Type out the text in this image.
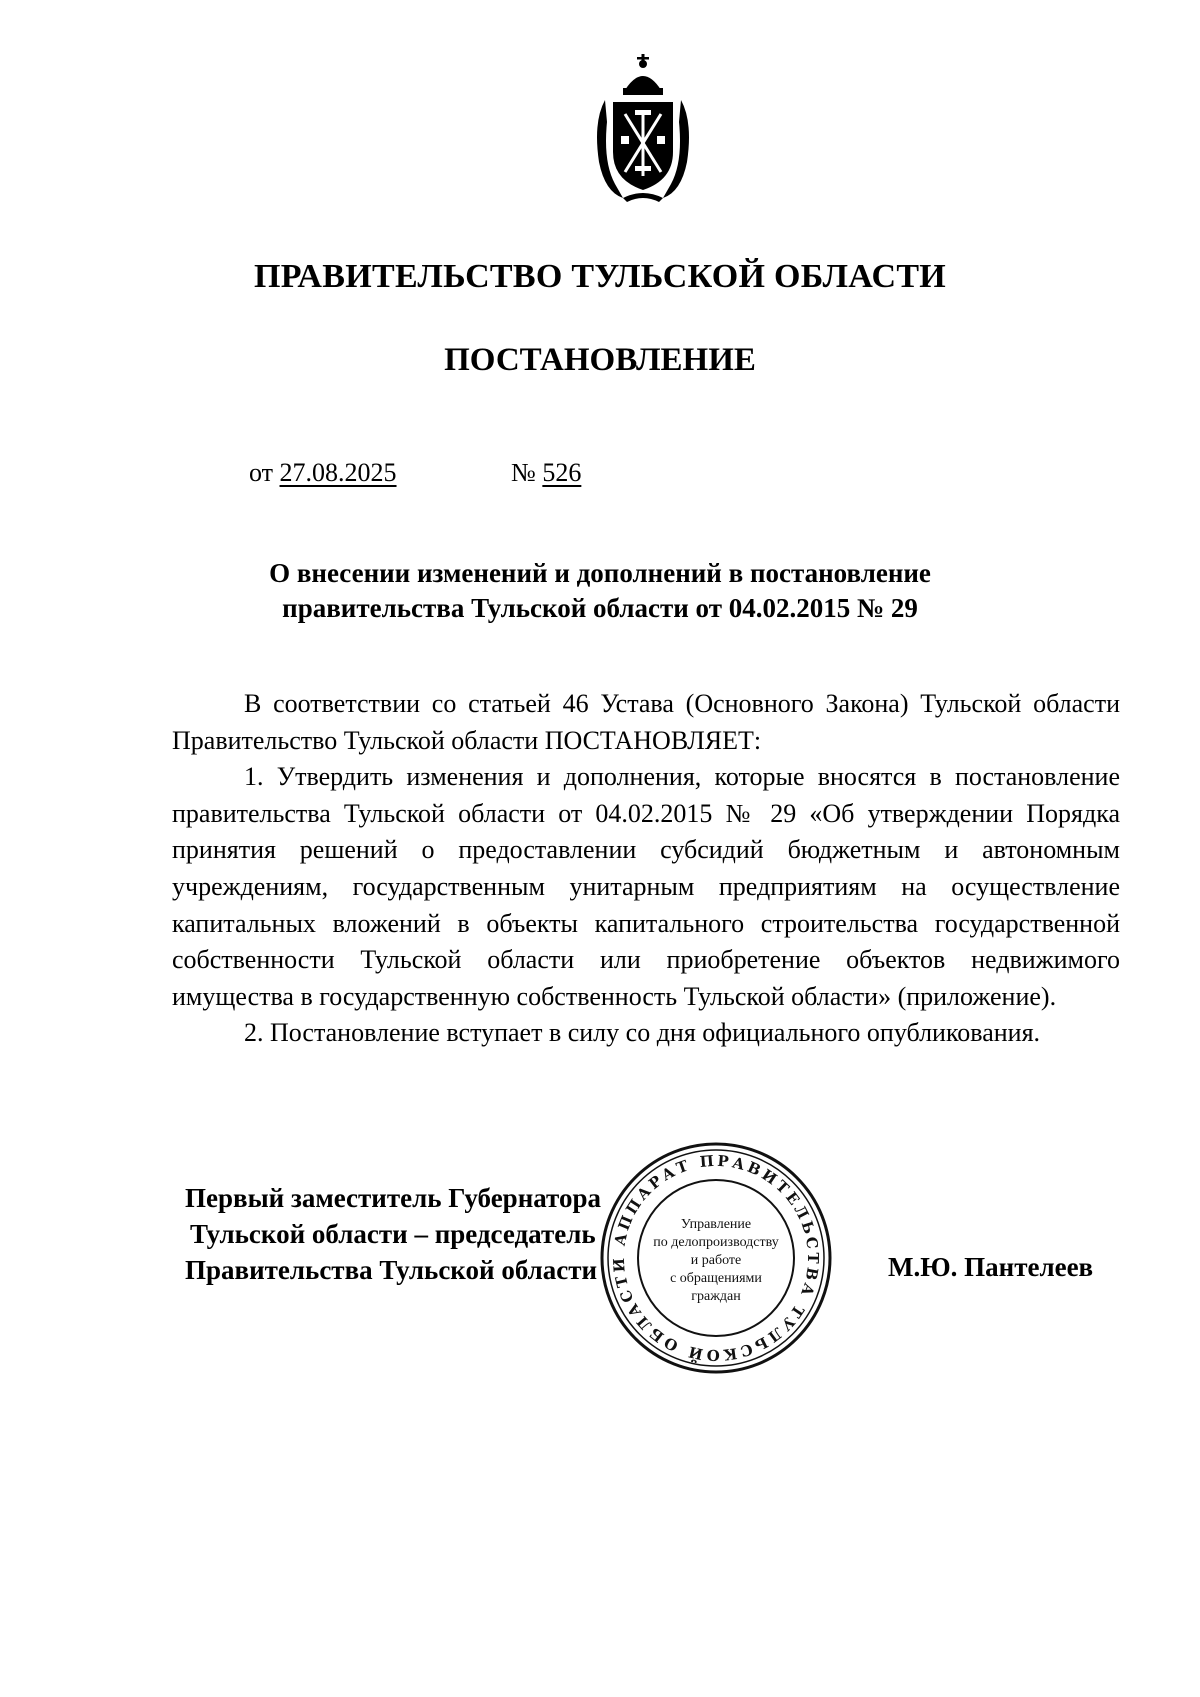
ПРАВИТЕЛЬСТВО ТУЛЬСКОЙ ОБЛАСТИ
ПОСТАНОВЛЕНИЕ
от 27.08.2025	№ 526
О внесении изменений и дополнений в постановление
правительства Тульской области от 04.02.2015 № 29

В соответствии со статьей 46 Устава (Основного Закона) Тульской области Правительство Тульской области ПОСТАНОВЛЯЕТ:

1. Утвердить изменения и дополнения, которые вносятся в постановление правительства Тульской области от 04.02.2015 № 29 «Об утверждении Порядка принятия решений о предоставлении субсидий бюджетным и автономным учреждениям, государственным унитарным предприятиям на осуществление капитальных вложений в объекты капитального строительства государственной собственности Тульской области или приобретение объектов недвижимого имущества в государственную собственность Тульской области» (приложение).

2. Постановление вступает в силу со дня официального опубликования.

Первый заместитель Губернатора
Тульской области – председатель
Правительства Тульской области	М.Ю. Пантелеев
АППАРАТ ПРАВИТЕЛЬСТВА ТУЛЬСКОЙ ОБЛАСТИ
Управление
по делопроизводству
и работе
с обращениями
граждан
